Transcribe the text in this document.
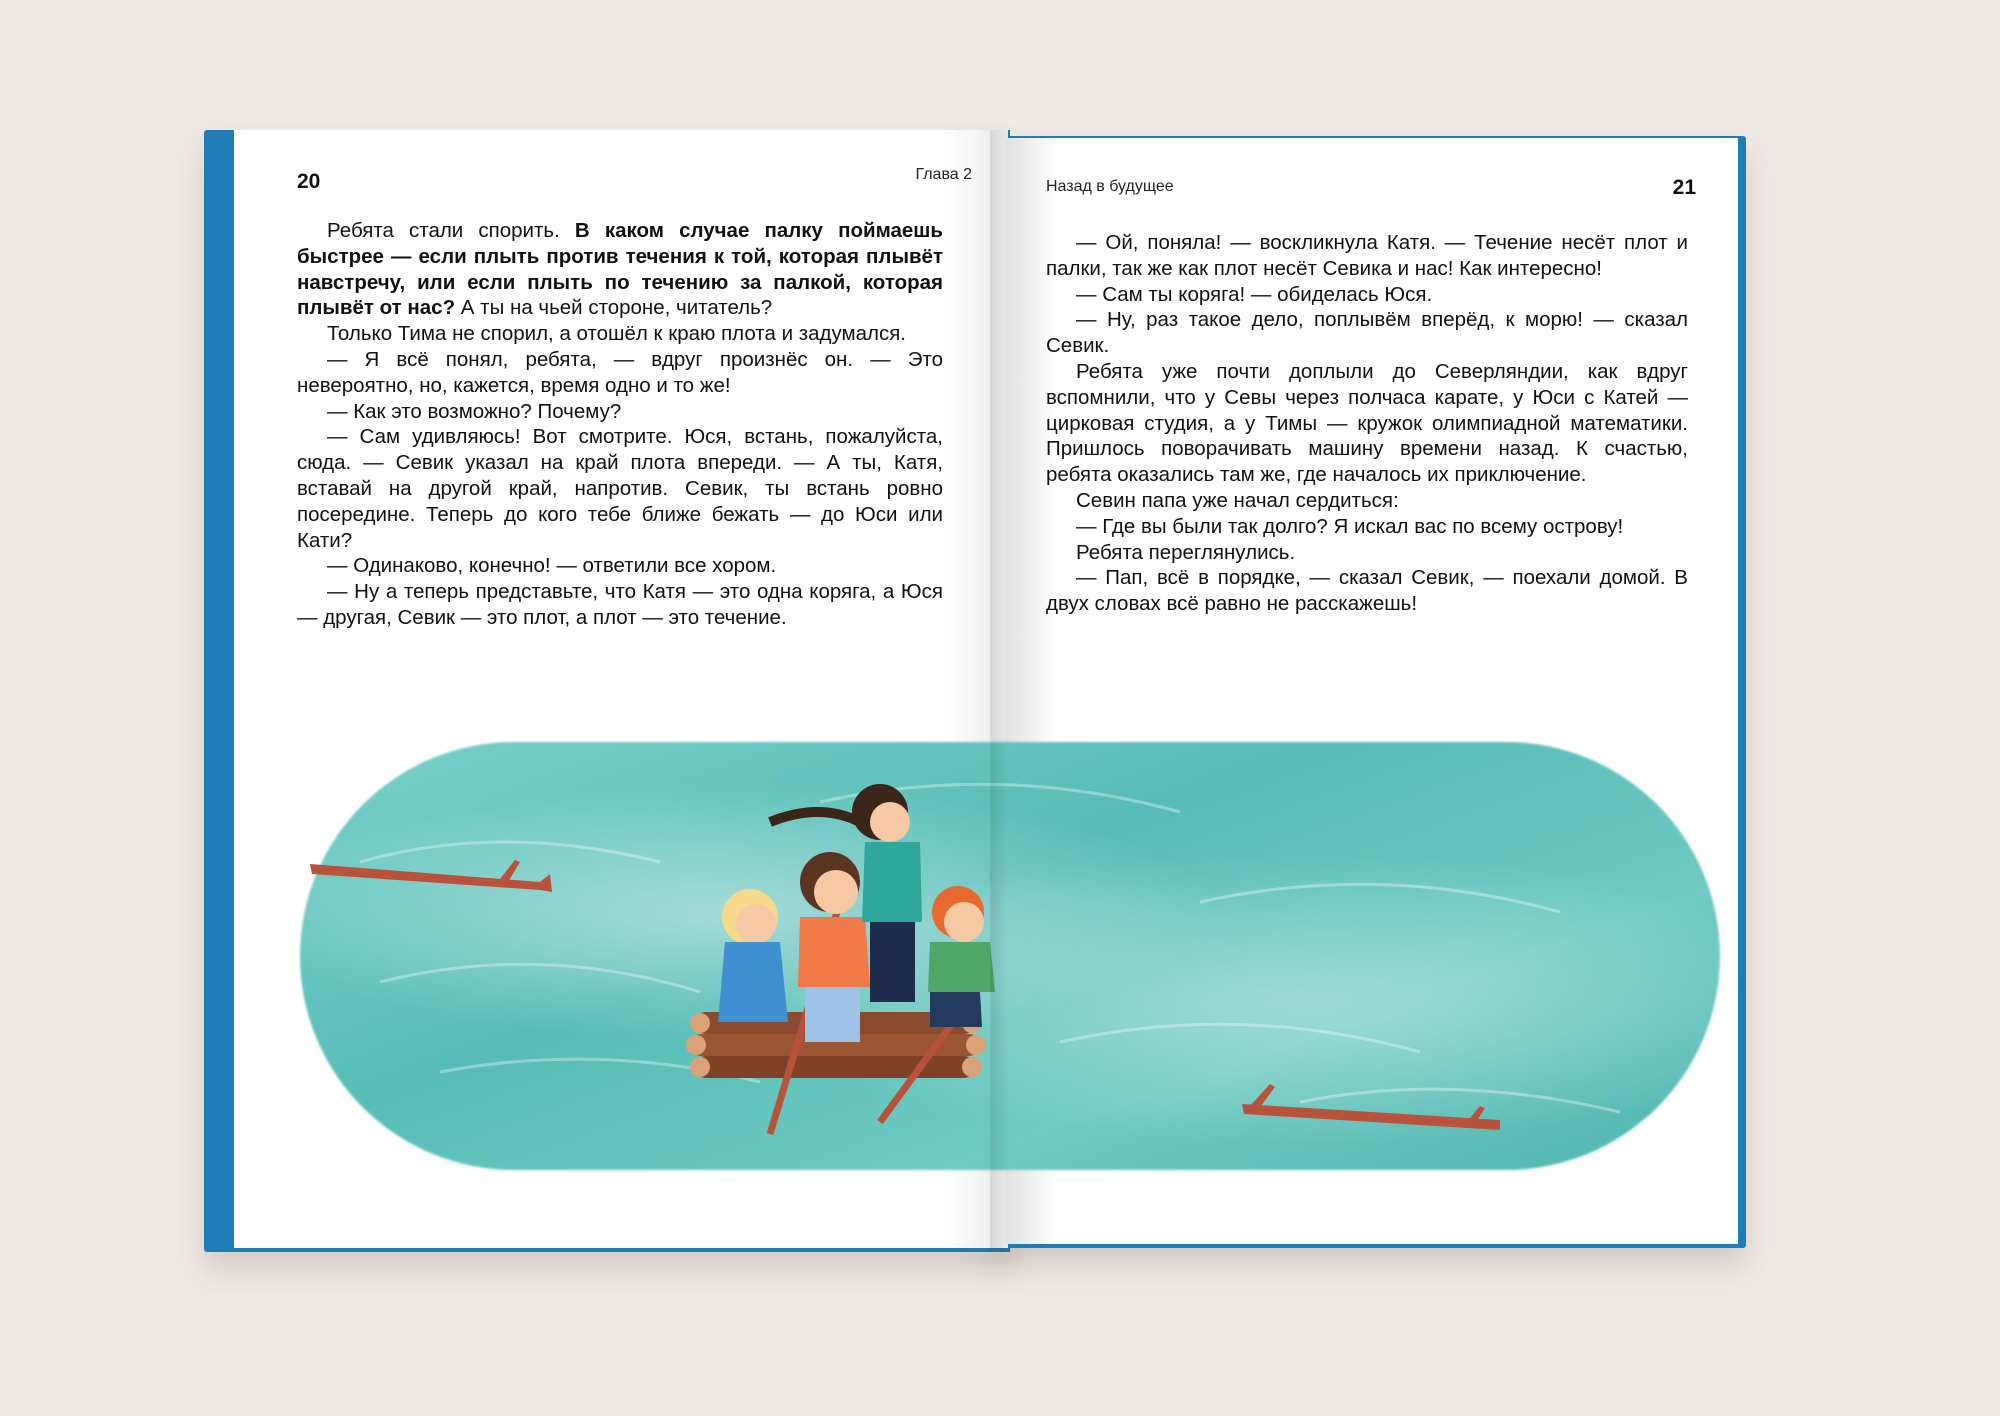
20	Глава 2

Ребята стали спорить. В каком случае палку поймаешь быстрее — если плыть против течения к той, которая плывёт навстречу, или если плыть по течению за палкой, которая плывёт от нас? А ты на чьей стороне, читатель?

Только Тима не спорил, а отошёл к краю плота и задумался.

— Я всё понял, ребята, — вдруг произнёс он. — Это невероятно, но, кажется, время одно и то же!

— Как это возможно? Почему?

— Сам удивляюсь! Вот смотрите. Юся, встань, пожалуйста, сюда. — Севик указал на край плота впереди. — А ты, Катя, вставай на другой край, напротив. Севик, ты встань ровно посередине. Теперь до кого тебе ближе бежать — до Юси или Кати?

— Одинаково, конечно! — ответили все хором.

— Ну а теперь представьте, что Катя — это одна коряга, а Юся — другая, Севик — это плот, а плот — это течение.

Назад в будущее	21

— Ой, поняла! — воскликнула Катя. — Течение несёт плот и палки, так же как плот несёт Севика и нас! Как интересно!

— Сам ты коряга! — обиделась Юся.

— Ну, раз такое дело, поплывём вперёд, к морю! — сказал Севик.

Ребята уже почти доплыли до Северляндии, как вдруг вспомнили, что у Севы через полчаса карате, у Юси с Катей — цирковая студия, а у Тимы — кружок олимпиадной математики. Пришлось поворачивать машину времени назад. К счастью, ребята оказались там же, где началось их приключение.

Севин папа уже начал сердиться:

— Где вы были так долго? Я искал вас по всему острову!

Ребята переглянулись.

— Пап, всё в порядке, — сказал Севик, — поехали домой. В двух словах всё равно не расскажешь!
